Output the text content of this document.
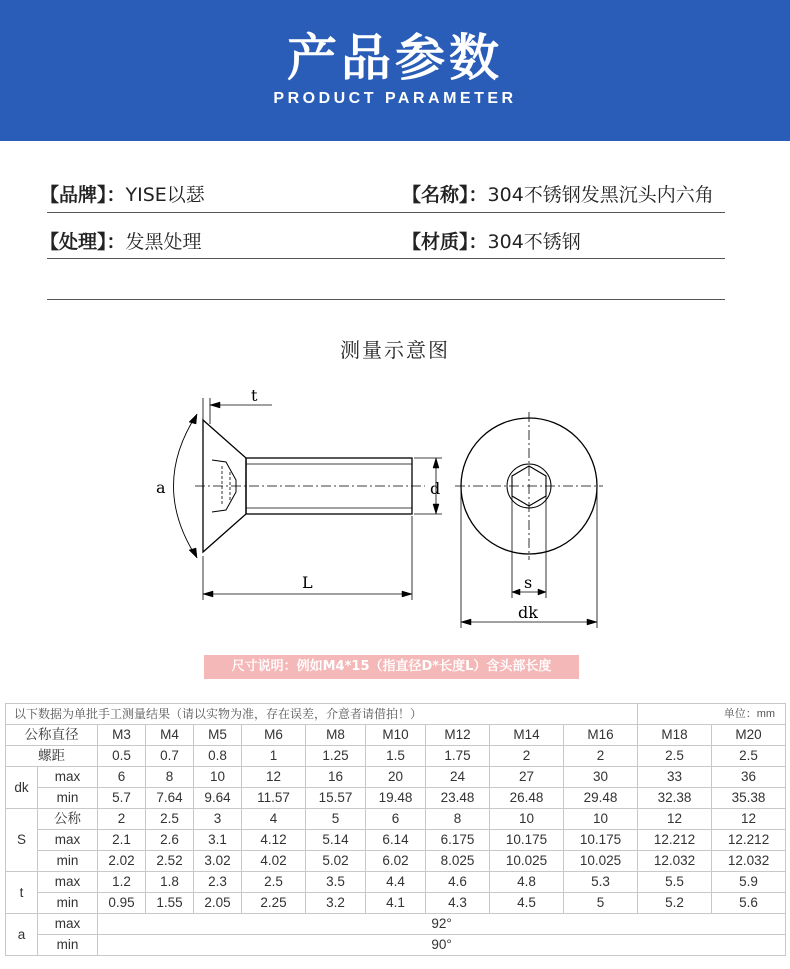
产品参数
PRODUCT PARAMETER
【品牌】：YISE以瑟	【名称】：304不锈钢发黑沉头内六角
【处理】：发黑处理	【材质】：304不锈钢
测量示意图
t
a	d
L	s
dk
尺寸说明：例如M4*15（指直径D*长度L）含头部长度
以下数据为单批手工测量结果（请以实物为准，存在误差，介意者请借拍！）											单位：mm	
公称直径		M3	M4	M5	M6	M8	M10	M12	M14	M16	M18	M20
螺距		0.5	0.7	0.8	1	1.25	1.5	1.75	2	2	2.5	2.5
dk	max	6	8	10	12	16	20	24	27	30	33	36
	min	5.7	7.64	9.64	11.57	15.57	19.48	23.48	26.48	29.48	32.38	35.38
S	公称	2	2.5	3	4	5	6	8	10	10	12	12
	max	2.1	2.6	3.1	4.12	5.14	6.14	6.175	10.175	10.175	12.212	12.212
	min	2.02	2.52	3.02	4.02	5.02	6.02	8.025	10.025	10.025	12.032	12.032
t	max	1.2	1.8	2.3	2.5	3.5	4.4	4.6	4.8	5.3	5.5	5.9
	min	0.95	1.55	2.05	2.25	3.2	4.1	4.3	4.5	5	5.2	5.6
a	max	92°										
	min	90°										
